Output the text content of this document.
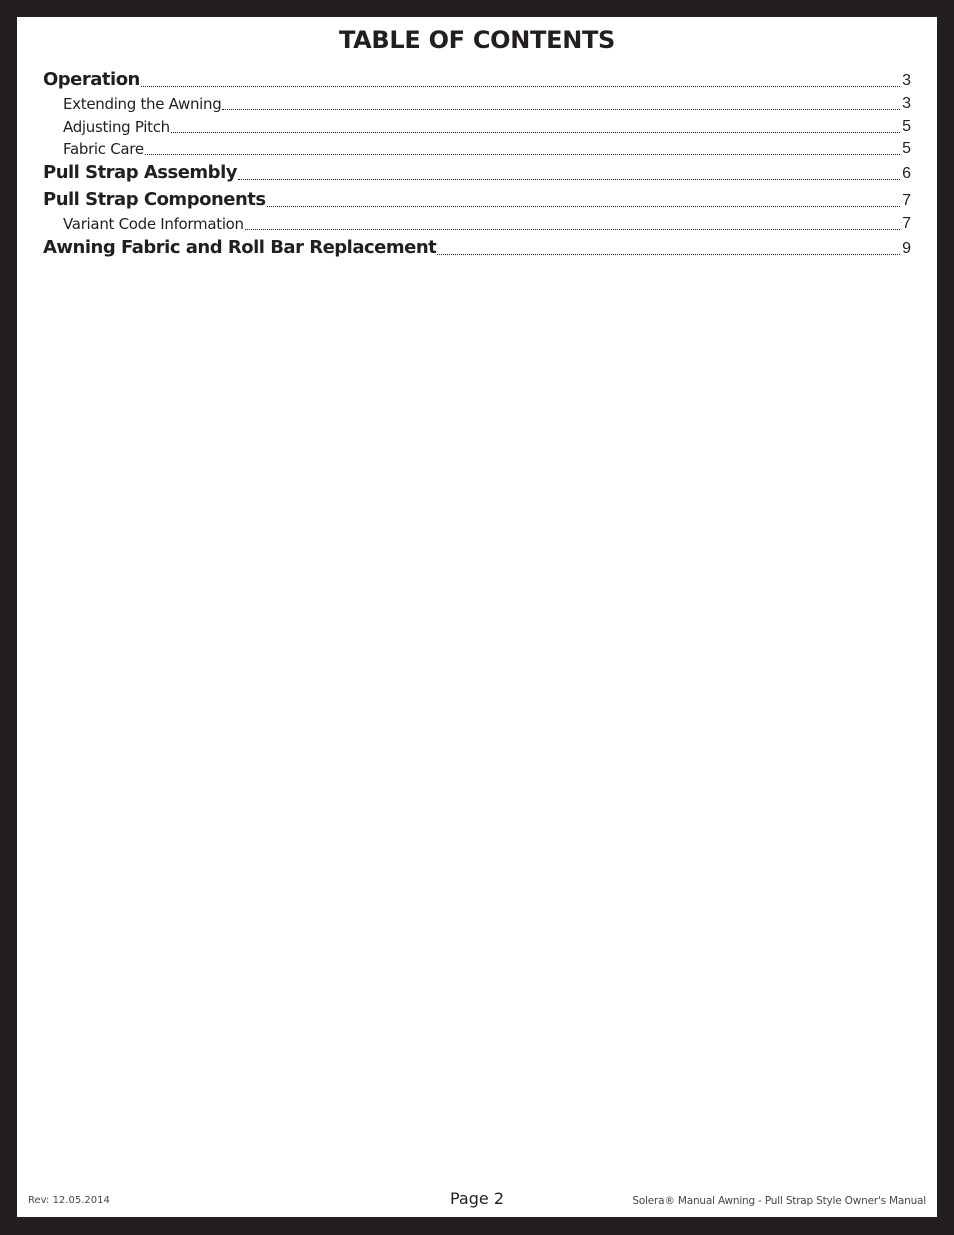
TABLE OF CONTENTS
Operation	3
Extending the Awning	3
Adjusting Pitch	5
Fabric Care	5
Pull Strap Assembly	6
Pull Strap Components	7
Variant Code Information	7
Awning Fabric and Roll Bar Replacement	9
Rev: 12.05.2014	Page 2	Solera® Manual Awning - Pull Strap Style Owner's Manual
